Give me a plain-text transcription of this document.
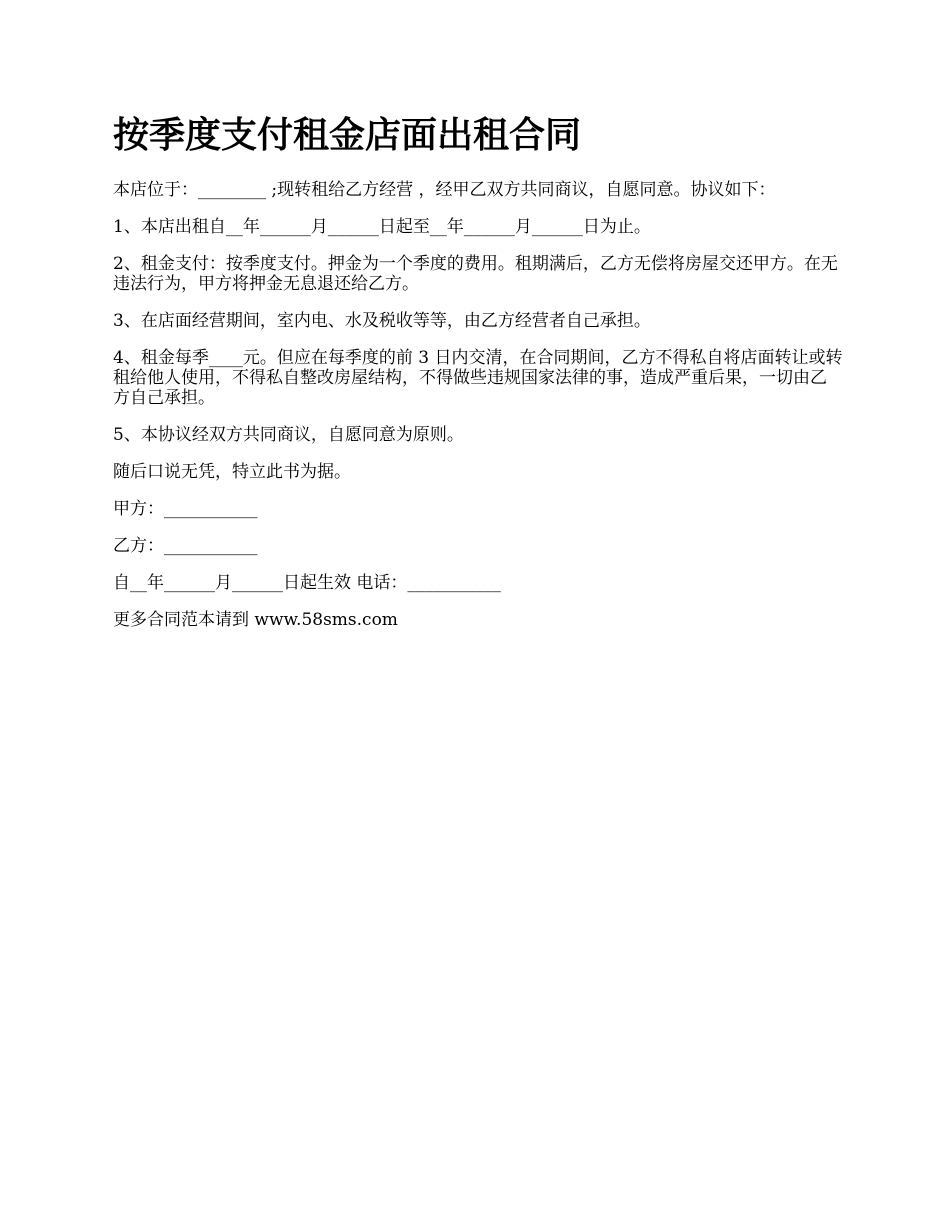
按季度支付租金店面出租合同

本店位于：________ ;现转租给乙方经营 ，经甲乙双方共同商议，自愿同意。协议如下：

1、本店出租自__年______月______日起至__年______月______日为止。

2、租金支付：按季度支付。押金为一个季度的费用。租期满后，乙方无偿将房屋交还甲方。在无违法行为，甲方将押金无息退还给乙方。

3、在店面经营期间，室内电、水及税收等等，由乙方经营者自己承担。

4、租金每季____元。但应在每季度的前 3 日内交清，在合同期间，乙方不得私自将店面转让或转租给他人使用，不得私自整改房屋结构，不得做些违规国家法律的事，造成严重后果，一切由乙方自己承担。

5、本协议经双方共同商议，自愿同意为原则。

随后口说无凭，特立此书为据。

甲方：___________

乙方：___________

自__年______月______日起生效 电话：___________

更多合同范本请到 www.58sms.com
